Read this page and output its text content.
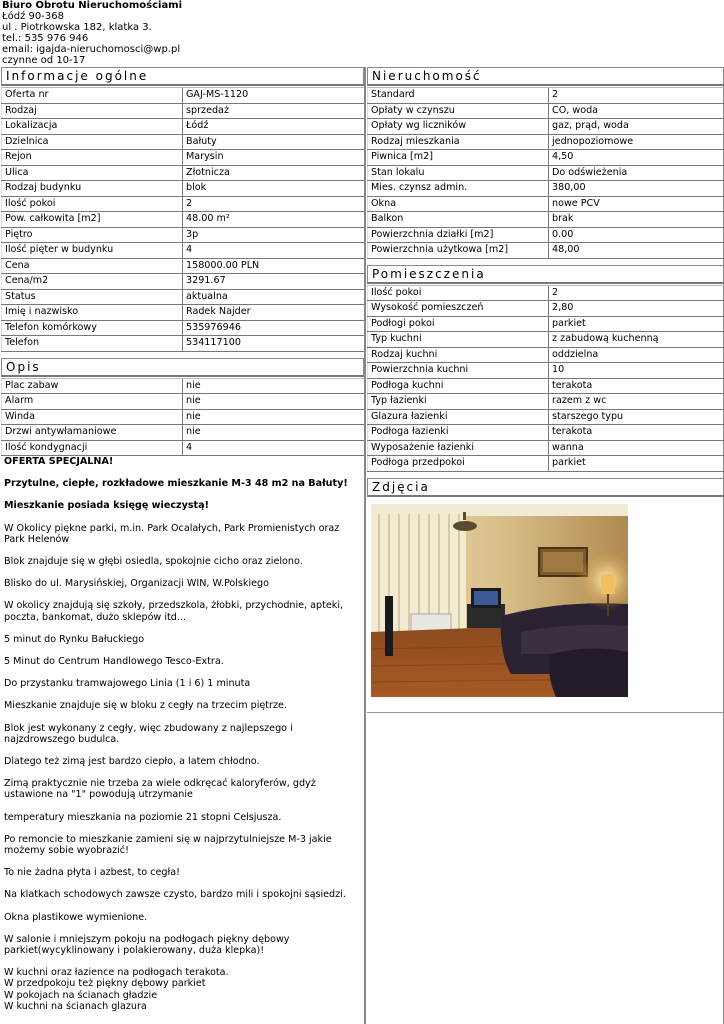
Biuro Obrotu Nieruchomościami
Łódź 90-368
ul . Piotrkowska 182, klatka 3.
tel.: 535 976 946
email: igajda-nieruchomosci@wp.pl
czynne od 10-17
Informacje ogólne
Oferta nr	GAJ-MS-1120
Rodzaj	sprzedaż
Lokalizacja	Łódź
Dzielnica	Bałuty
Rejon	Marysin
Ulica	Złotnicza
Rodzaj budynku	blok
Ilość pokoi	2
Pow. całkowita [m2]	48.00 m²
Piętro	3p
Ilość pięter w budynku	4
Cena	158000.00 PLN
Cena/m2	3291.67
Status	aktualna
Imię i nazwisko	Radek Najder
Telefon komórkowy	535976946
Telefon	534117100
Opis
Plac zabaw	nie
Alarm	nie
Winda	nie
Drzwi antywłamaniowe	nie
Ilość kondygnacji	4

OFERTA SPECJALNA!

Przytulne, ciepłe, rozkładowe mieszkanie M-3 48 m2 na Bałuty!

Mieszkanie posiada księgę wieczystą!

W Okolicy piękne parki, m.in. Park Ocalałych, Park Promienistych oraz Park Helenów

Blok znajduje się w głębi osiedla, spokojnie cicho oraz zielono.

Blisko do ul. Marysińskiej, Organizacji WIN, W.Polskiego

W okolicy znajdują się szkoły, przedszkola, żłobki, przychodnie, apteki, poczta, bankomat, dużo sklepów itd...

5 minut do Rynku Bałuckiego

5 Minut do Centrum Handlowego Tesco-Extra.

Do przystanku tramwajowego Linia (1 i 6) 1 minuta

Mieszkanie znajduje się w bloku z cegły na trzecim piętrze.

Blok jest wykonany z cegły, więc zbudowany z najlepszego i najzdrowszego budulca.

Dlatego też zimą jest bardzo ciepło, a latem chłodno.

Zimą praktycznie nie trzeba za wiele odkręcać kaloryferów, gdyż ustawione na "1" powodują utrzymanie

temperatury mieszkania na poziomie 21 stopni Celsjusza.

Po remoncie to mieszkanie zamieni się w najprzytulniejsze M-3 jakie możemy sobie wyobrazić!

To nie żadna płyta i azbest, to cegła!

Na klatkach schodowych zawsze czysto, bardzo mili i spokojni sąsiedzi.

Okna plastikowe wymienione.

W salonie i mniejszym pokoju na podłogach piękny dębowy parkiet(wycyklinowany i polakierowany, duża klepka)!

W kuchni oraz łazience na podłogach terakota.

W przedpokoju też piękny dębowy parkiet

W pokojach na ścianach gładzie

W kuchni na ścianach glazura

Nieruchomość
Standard	2
Opłaty w czynszu	CO, woda
Opłaty wg liczników	gaz, prąd, woda
Rodzaj mieszkania	jednopoziomowe
Piwnica [m2]	4,50
Stan lokalu	Do odświeżenia
Mies. czynsz admin.	380,00
Okna	nowe PCV
Balkon	brak
Powierzchnia działki [m2]	0.00
Powierzchnia użytkowa [m2]	48,00
Pomieszczenia
Ilość pokoi	2
Wysokość pomieszczeń	2,80
Podłogi pokoi	parkiet
Typ kuchni	z zabudową kuchenną
Rodzaj kuchni	oddzielna
Powierzchnia kuchni	10
Podłoga kuchni	terakota
Typ łazienki	razem z wc
Glazura łazienki	starszego typu
Podłoga łazienki	terakota
Wyposażenie łazienki	wanna
Podłoga przedpokoi	parkiet
Zdjęcia
